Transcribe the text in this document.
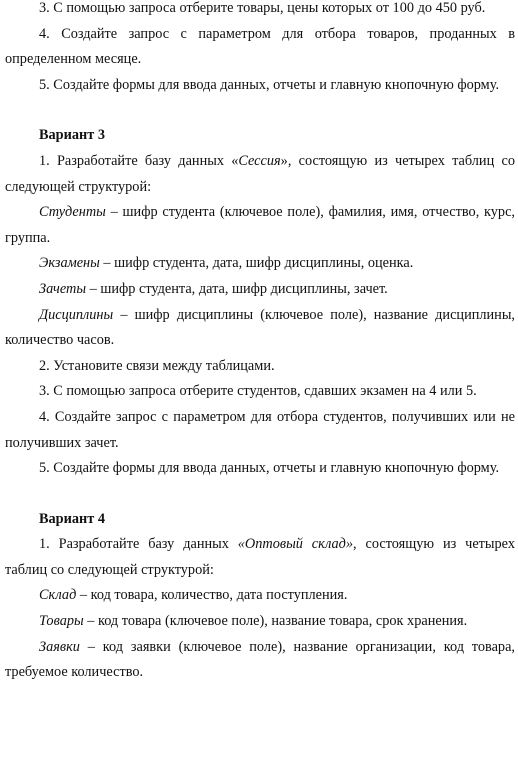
3. С помощью запроса отберите товары, цены которых от 100 до 450 руб.

4. Создайте запрос с параметром для отбора товаров, проданных в определенном месяце.

5. Создайте формы для ввода данных, отчеты и главную кнопочную форму.

Вариант 3

1. Разработайте базу данных «Сессия», состоящую из четырех таблиц со следующей структурой:

Студенты – шифр студента (ключевое поле), фамилия, имя, отчество, курс, группа.

Экзамены – шифр студента, дата, шифр дисциплины, оценка.

Зачеты – шифр студента, дата, шифр дисциплины, зачет.

Дисциплины – шифр дисциплины (ключевое поле), название дисциплины, количество часов.

2. Установите связи между таблицами.

3. С помощью запроса отберите студентов, сдавших экзамен на 4 или 5.

4. Создайте запрос с параметром для отбора студентов, получивших или не получивших зачет.

5. Создайте формы для ввода данных, отчеты и главную кнопочную форму.

Вариант 4

1. Разработайте базу данных «Оптовый склад», состоящую из четырех таблиц со следующей структурой:

Склад – код товара, количество, дата поступления.

Товары – код товара (ключевое поле), название товара, срок хранения.

Заявки – код заявки (ключевое поле), название организации, код товара, требуемое количество.
